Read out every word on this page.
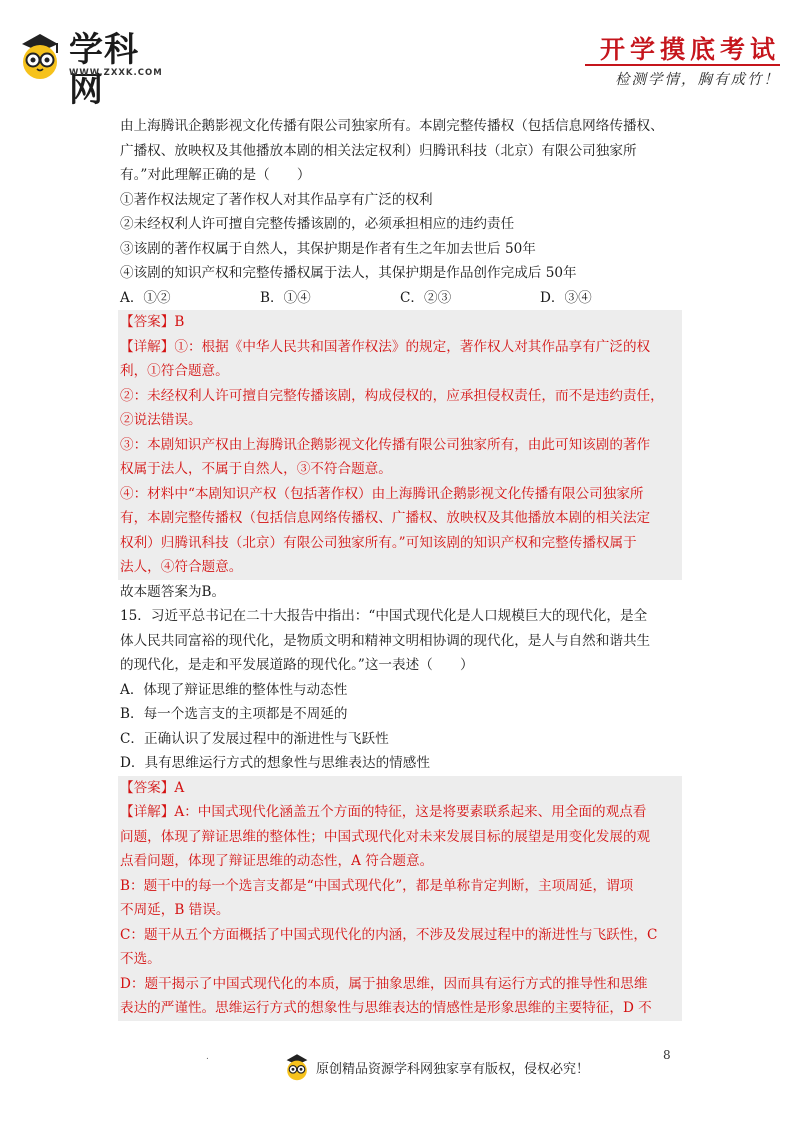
学科网
WWW.ZXXK.COM
开学摸底考试
检测学情，胸有成竹！
由上海腾讯企鹅影视文化传播有限公司独家所有。本剧完整传播权（包括信息网络传播权、
广播权、放映权及其他播放本剧的相关法定权利）归腾讯科技（北京）有限公司独家所
有。”对此理解正确的是（　　）
①著作权法规定了著作权人对其作品享有广泛的权利
②未经权利人许可擅自完整传播该剧的，必须承担相应的违约责任
③该剧的著作权属于自然人，其保护期是作者有生之年加去世后 50年
④该剧的知识产权和完整传播权属于法人，其保护期是作品创作完成后 50年
A．①②	B．①④	C．②③	D．③④
【答案】B
【详解】①：根据《中华人民共和国著作权法》的规定，著作权人对其作品享有广泛的权
利，①符合题意。
②：未经权利人许可擅自完整传播该剧，构成侵权的，应承担侵权责任，而不是违约责任，
②说法错误。
③：本剧知识产权由上海腾讯企鹅影视文化传播有限公司独家所有，由此可知该剧的著作
权属于法人，不属于自然人，③不符合题意。
④：材料中“本剧知识产权（包括著作权）由上海腾讯企鹅影视文化传播有限公司独家所
有，本剧完整传播权（包括信息网络传播权、广播权、放映权及其他播放本剧的相关法定
权利）归腾讯科技（北京）有限公司独家所有。”可知该剧的知识产权和完整传播权属于
法人，④符合题意。
故本题答案为B。
15．习近平总书记在二十大报告中指出：“中国式现代化是人口规模巨大的现代化，是全
体人民共同富裕的现代化，是物质文明和精神文明相协调的现代化，是人与自然和谐共生
的现代化，是走和平发展道路的现代化。”这一表述（　　）
A．体现了辩证思维的整体性与动态性
B．每一个选言支的主项都是不周延的
C．正确认识了发展过程中的渐进性与飞跃性
D．具有思维运行方式的想象性与思维表达的情感性
【答案】A
【详解】A：中国式现代化涵盖五个方面的特征，这是将要素联系起来、用全面的观点看
问题，体现了辩证思维的整体性；中国式现代化对未来发展目标的展望是用变化发展的观
点看问题，体现了辩证思维的动态性，A 符合题意。
B：题干中的每一个选言支都是“中国式现代化”，都是单称肯定判断，主项周延，谓项
不周延，B 错误。
C：题干从五个方面概括了中国式现代化的内涵，不涉及发展过程中的渐进性与飞跃性，C
不选。
D：题干揭示了中国式现代化的本质，属于抽象思维，因而具有运行方式的推导性和思维
表达的严谨性。思维运行方式的想象性与思维表达的情感性是形象思维的主要特征，D 不
.	8
原创精品资源学科网独家享有版权，侵权必究！
